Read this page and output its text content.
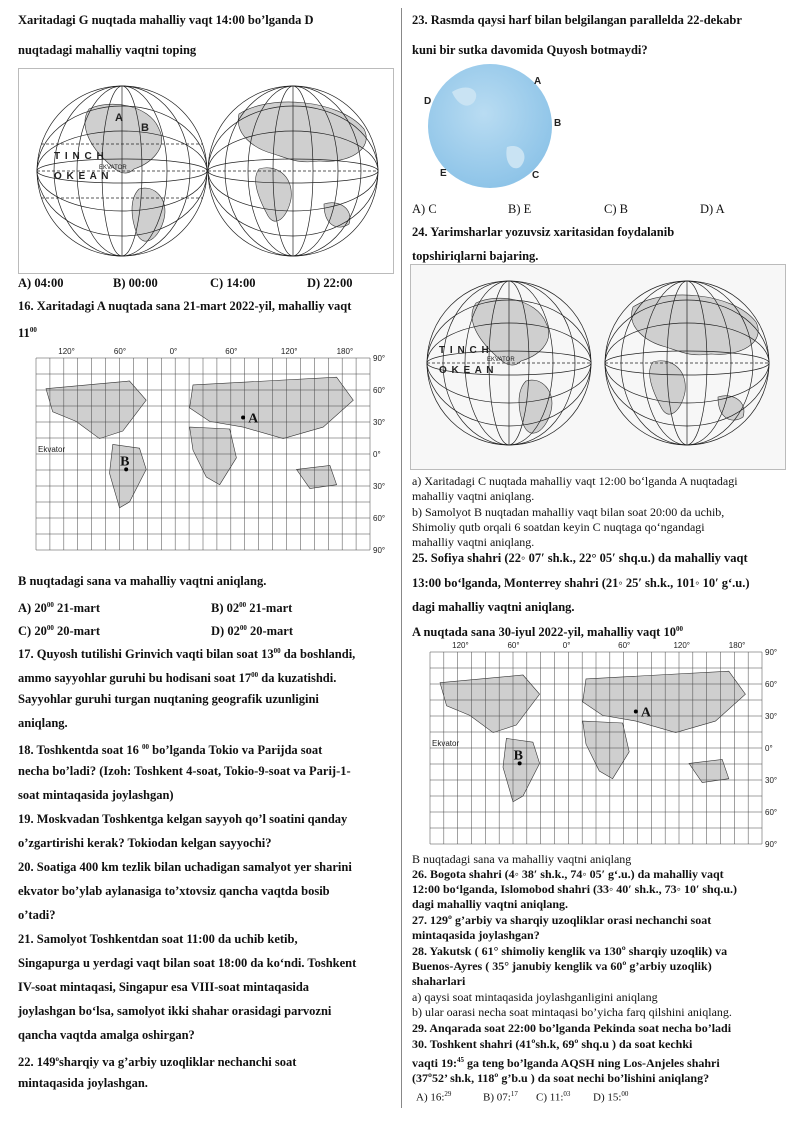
Xaritadagi G nuqtada mahalliy vaqt 14:00 bo’lganda D
nuqtadagi mahalliy vaqtni toping
T I N C H
O K E A N
EKVATOR
A
B
A) 04:00	B) 00:00	C) 14:00	D) 22:00
16. Xaritadagi A nuqtada sana 21-mart 2022-yil, mahalliy vaqt
$11^{00}$
120°	60°	0°	60°	120°	180°
90°
60°
30°
0°
30°
60°
90°
Ekvator
A
B
B nuqtadagi sana va mahalliy vaqtni aniqlang.
A) $20^{00}$ 21-mart	B) $02^{00}$ 21-mart
C) $20^{00}$ 20-mart	D) $02^{00}$ 20-mart
17. Quyosh tutilishi Grinvich vaqti bilan soat $13^{00}$ da boshlandi,
ammo sayyohlar guruhi bu hodisani soat $17^{00}$ da kuzatishdi.
Sayyohlar guruhi turgan nuqtaning geografik uzunligini
aniqlang.
18. Toshkentda soat 16 $^{00}$ bo’lganda Tokio va Parijda soat
necha bo’ladi? (Izoh: Toshkent 4-soat, Tokio-9-soat va Parij-1-
soat mintaqasida joylashgan)
19. Moskvadan Toshkentga kelgan sayyoh qo’l soatini qanday
o’zgartirishi kerak? Tokiodan kelgan sayyochi?
20. Soatiga 400 km tezlik bilan uchadigan samalyot yer sharini
ekvator bo’ylab aylanasiga to’xtovsiz qancha vaqtda bosib
o’tadi?
21. Samolyot Toshkentdan soat 11:00 da uchib ketib,
Singapurga u yerdagi vaqt bilan soat 18:00 da ko‘ndi. Toshkent
IV-soat mintaqasi, Singapur esa VIII-soat mintaqasida
joylashgan bo‘lsa, samolyot ikki shahar orasidagi parvozni
qancha vaqtda amalga oshirgan?
22. 149$^o$sharqiy va g’arbiy uzoqliklar nechanchi soat
mintaqasida joylashgan.
23. Rasmda qaysi harf bilan belgilangan parallelda 22-dekabr
kuni bir sutka davomida Quyosh botmaydi?
A
B
C
D
E
A) C	B) E	C) B	D) A
24. Yarimsharlar yozuvsiz xaritasidan foydalanib
topshiriqlarni bajaring.
T I N C H
O K E A N
EKVATOR
a) Xaritadagi C nuqtada mahalliy vaqt 12:00 bo‘lganda A nuqtadagi
mahalliy vaqtni aniqlang.
b) Samolyot B nuqtadan mahalliy vaqt bilan soat 20:00 da uchib,
Shimoliy qutb orqali 6 soatdan keyin C nuqtaga qo‘ngandagi
mahalliy vaqtni aniqlang.
25. Sofiya shahri (22◦ 07′ sh.k., 22° 05′ shq.u.) da mahalliy vaqt
13:00 bo‘lganda, Monterrey shahri (21◦ 25′ sh.k., 101◦ 10′ g‘.u.)
dagi mahalliy vaqtni aniqlang.
A nuqtada sana 30-iyul 2022-yil, mahalliy vaqt $10^{00}$
120°	60°	0°	60°	120°	180°
90°
60°
30°
0°
30°
60°
90°
Ekvator
A
B
B nuqtadagi sana va mahalliy vaqtni aniqlang
26. Bogota shahri (4◦ 38′ sh.k., 74◦ 05′ g‘.u.) da mahalliy vaqt
12:00 bo‘lganda, Islomobod shahri (33◦ 40′ sh.k., 73◦ 10′ shq.u.)
dagi mahalliy vaqtni aniqlang.
27. 129º g’arbiy va sharqiy uzoqliklar orasi nechanchi soat
mintaqasida joylashgan?
28. Yakutsk ( 61° shimoliy kenglik va 130º sharqiy uzoqlik) va
Buenos-Ayres ( 35° janubiy kenglik va 60º g’arbiy uzoqlik)
shaharlari
a) qaysi soat mintaqasida joylashganligini aniqlang
b) ular oarasi necha soat mintaqasi bo’yicha farq qilshini aniqlang.
29. Anqarada soat 22:00 bo’lganda Pekinda soat necha bo’ladi
30. Toshkent shahri (41ºsh.k, 69º shq.u ) da soat kechki
vaqti 19:$^{45}$ ga teng bo’lganda AQSH ning Los-Anjeles shahri
(37º52’ sh.k, 118º g’b.u ) da soat nechi bo’lishini aniqlang?
A) 16:$^{29}$	B) 07:$^{17}$	C) 11:$^{03}$	D) 15:$^{00}$
